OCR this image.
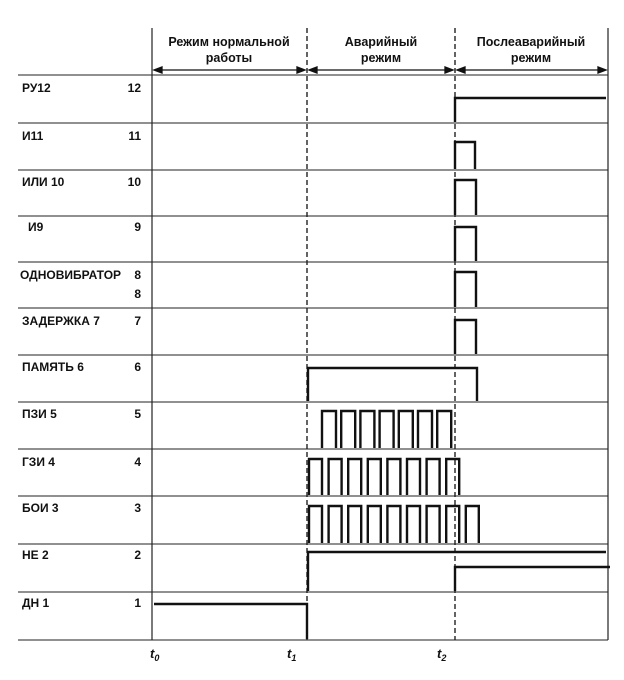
Режим нормальной
работы
Аварийный
режим
Послеаварийный
режим
РУ12	12
И11	11
ИЛИ 10	10
И9	9
ОДНОВИБРАТОР 8
8
ЗАДЕРЖКА 7	7
ПАМЯТЬ 6	6
ПЗИ 5	5
ГЗИ 4	4
БОИ 3	3
НЕ 2	2
ДН 1	1
$t_0$	$t_1$	$t_2$
